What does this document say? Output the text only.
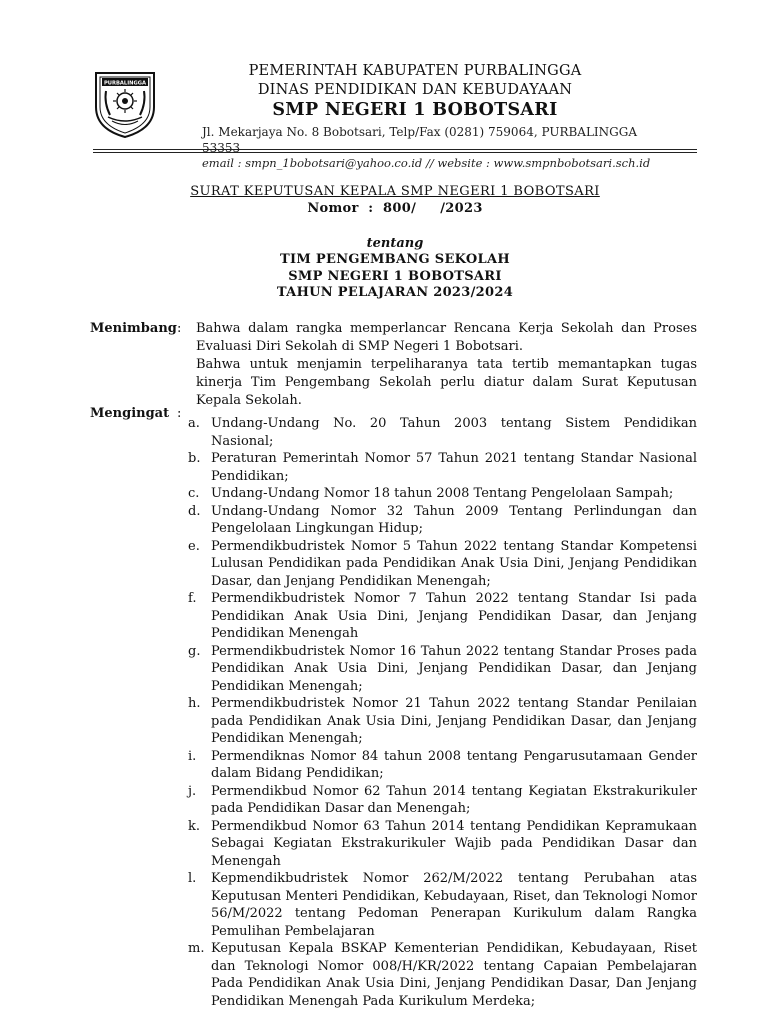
PURBALINGGA
PEMERINTAH KABUPATEN PURBALINGGA
DINAS PENDIDIKAN DAN KEBUDAYAAN
SMP NEGERI 1 BOBOTSARI
Jl. Mekarjaya No. 8 Bobotsari, Telp/Fax (0281) 759064, PURBALINGGA 53353
email : smpn_1bobotsari@yahoo.co.id // website : www.smpnbobotsari.sch.id
SURAT KEPUTUSAN KEPALA SMP NEGERI 1 BOBOTSARI
Nomor  :  800/     /2023
tentang
TIM PENGEMBANG SEKOLAH
SMP NEGERI 1 BOBOTSARI
TAHUN PELAJARAN 2023/2024
Menimbang : Bahwa dalam rangka memperlancar Rencana Kerja Sekolah dan Proses Evaluasi Diri Sekolah di SMP Negeri 1 Bobotsari.

Bahwa untuk menjamin terpeliharanya tata tertib memantapkan tugas kinerja Tim Pengembang Sekolah perlu diatur dalam Surat Keputusan Kepala Sekolah.

Mengingat :
a. Undang-Undang No. 20 Tahun 2003 tentang Sistem Pendidikan Nasional;
b. Peraturan Pemerintah Nomor 57 Tahun 2021 tentang Standar Nasional Pendidikan;
c. Undang-Undang Nomor 18 tahun 2008 Tentang Pengelolaan Sampah;
d. Undang-Undang Nomor 32 Tahun 2009 Tentang Perlindungan dan Pengelolaan Lingkungan Hidup;
e. Permendikbudristek Nomor 5 Tahun 2022 tentang Standar Kompetensi Lulusan Pendidikan pada Pendidikan Anak Usia Dini, Jenjang Pendidikan Dasar, dan Jenjang Pendidikan Menengah;
f.	Permendikbudristek Nomor 7 Tahun 2022 tentang Standar Isi pada Pendidikan Anak Usia Dini, Jenjang Pendidikan Dasar, dan Jenjang Pendidikan Menengah
g. Permendikbudristek Nomor 16 Tahun 2022 tentang Standar Proses pada Pendidikan Anak Usia Dini, Jenjang Pendidikan Dasar, dan Jenjang Pendidikan Menengah;
h. Permendikbudristek Nomor 21 Tahun 2022 tentang Standar Penilaian pada Pendidikan Anak Usia Dini, Jenjang Pendidikan Dasar, dan Jenjang Pendidikan Menengah;
i.	Permendiknas Nomor 84 tahun 2008 tentang Pengarusutamaan Gender dalam Bidang Pendidikan;
j.	Permendikbud Nomor 62 Tahun 2014 tentang Kegiatan Ekstrakurikuler pada Pendidikan Dasar dan Menengah;
k. Permendikbud Nomor 63 Tahun 2014 tentang Pendidikan Kepramukaan Sebagai Kegiatan Ekstrakurikuler Wajib pada Pendidikan Dasar dan Menengah
l.	Kepmendikbudristek Nomor 262/M/2022 tentang Perubahan atas Keputusan Menteri Pendidikan, Kebudayaan, Riset, dan Teknologi Nomor 56/M/2022 tentang Pedoman Penerapan Kurikulum dalam Rangka Pemulihan Pembelajaran
m. Keputusan Kepala BSKAP Kementerian Pendidikan, Kebudayaan, Riset dan Teknologi Nomor 008/H/KR/2022 tentang Capaian Pembelajaran Pada Pendidikan Anak Usia Dini, Jenjang Pendidikan Dasar, Dan Jenjang Pendidikan Menengah Pada Kurikulum Merdeka;
